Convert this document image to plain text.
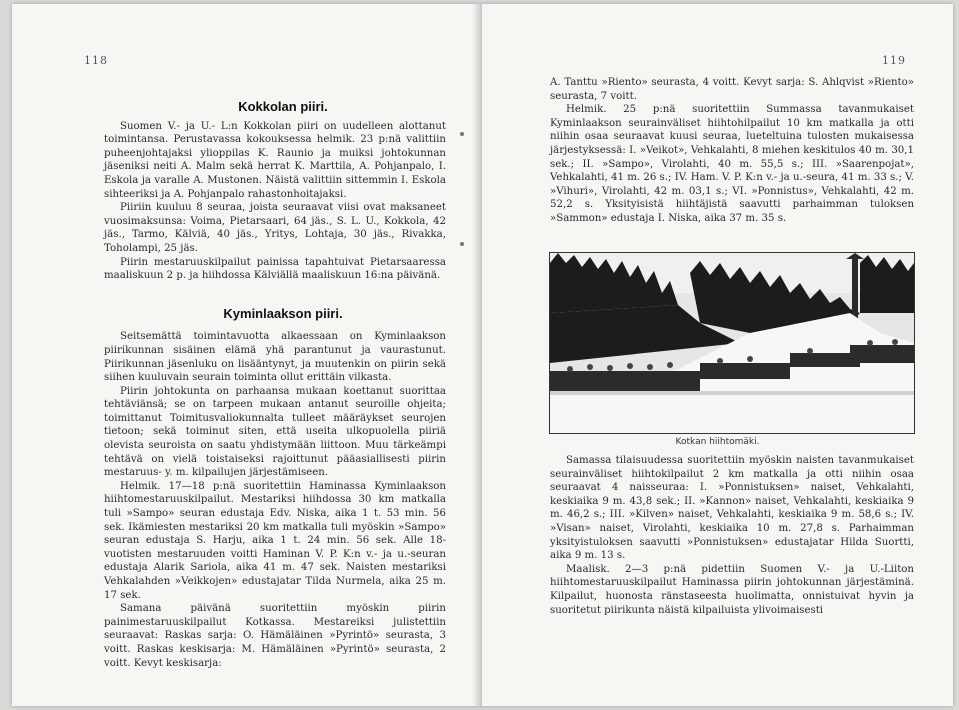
118

Kokkolan piiri.

Suomen V.- ja U.- L:n Kokkolan piiri on uudelleen alottanut toimintansa. Perustavassa kokouksessa helmik. 23 p:nä valittiin puheenjohtajaksi ylioppilas K. Raunio ja muiksi johtokunnan jäseniksi neiti A. Malm sekä herrat K. Marttila, A. Pohjanpalo, I. Eskola ja varalle A. Mustonen. Näistä valittiin sittemmin I. Eskola sihteeriksi ja A. Pohjanpalo rahastonhoitajaksi.

Piiriin kuuluu 8 seuraa, joista seuraavat viisi ovat maksaneet vuosimaksunsa: Voima, Pietarsaari, 64 jäs., S. L. U., Kokkola, 42 jäs., Tarmo, Kälviä, 40 jäs., Yritys, Lohtaja, 30 jäs., Rivakka, Toholampi, 25 jäs.

Piirin mestaruuskilpailut painissa tapahtuivat Pietarsaaressa maaliskuun 2 p. ja hiihdossa Kälviällä maaliskuun 16:na päivänä.

Kyminlaakson piiri.

Seitsemättä toimintavuotta alkaessaan on Kyminlaakson piirikunnan sisäinen elämä yhä parantunut ja vaurastunut. Piirikunnan jäsenluku on lisääntynyt, ja muutenkin on piirin sekä siihen kuuluvain seurain toiminta ollut erittäin vilkasta.

Piirin johtokunta on parhaansa mukaan koettanut suorittaa tehtäviänsä; se on tarpeen mukaan antanut seuroille ohjeita; toimittanut Toimitusvaliokunnalta tulleet määräykset seurojen tietoon; sekä toiminut siten, että useita ulkopuolella piiriä olevista seuroista on saatu yhdistymään liittoon. Muu tärkeämpi tehtävä on vielä toistaiseksi rajoittunut pääasiallisesti piirin mestaruus- y. m. kilpailujen järjestämiseen.

Helmik. 17—18 p:nä suoritettiin Haminassa Kyminlaakson hiihtomestaruuskilpailut. Mestariksi hiihdossa 30 km matkalla tuli »Sampo» seuran edustaja Edv. Niska, aika 1 t. 53 min. 56 sek. Ikämiesten mestariksi 20 km matkalla tuli myöskin »Sampo» seuran edustaja S. Harju, aika 1 t. 24 min. 56 sek. Alle 18-vuotisten mestaruuden voitti Haminan V. P. K:n v.- ja u.-seuran edustaja Alarik Sariola, aika 41 m. 47 sek. Naisten mestariksi Vehkalahden »Veikkojen» edustajatar Tilda Nurmela, aika 25 m. 17 sek.

Samana päivänä suoritettiin myöskin piirin painimestaruuskilpailut Kotkassa. Mestareiksi julistettiin seuraavat: Raskas sarja: O. Hämäläinen »Pyrintö» seurasta, 3 voitt. Raskas keskisarja: M. Hämäläinen »Pyrintö» seurasta, 2 voitt. Kevyt keskisarja:

119

A. Tanttu »Riento» seurasta, 4 voitt. Kevyt sarja: S. Ahlqvist »Riento» seurasta, 7 voitt.

Helmik. 25 p:nä suoritettiin Summassa tavanmukaiset Kyminlaakson seurainväliset hiihtohilpailut 10 km matkalla ja otti niihin osaa seuraavat kuusi seuraa, lueteltuina tulosten mukaisessa järjestyksessä: I. »Veikot», Vehkalahti, 8 miehen keskitulos 40 m. 30,1 sek.; II. »Sampo», Virolahti, 40 m. 55,5 s.; III. »Saarenpojat», Vehkalahti, 41 m. 26 s.; IV. Ham. V. P. K:n v.- ja u.-seura, 41 m. 33 s.; V. »Vihuri», Virolahti, 42 m. 03,1 s.; VI. »Ponnistus», Vehkalahti, 42 m. 52,2 s. Yksityisistä hiihtäjistä saavutti parhaimman tuloksen »Sammon» edustaja I. Niska, aika 37 m. 35 s.

Kotkan hiihtomäki.

Samassa tilaisuudessa suoritettiin myöskin naisten tavanmukaiset seurainväliset hiihtokilpailut 2 km matkalla ja otti niihin osaa seuraavat 4 naisseuraa: I. »Ponnistuksen» naiset, Vehkalahti, keskiaika 9 m. 43,8 sek.; II. »Kannon» naiset, Vehkalahti, keskiaika 9 m. 46,2 s.; III. »Kilven» naiset, Vehkalahti, keskiaika 9 m. 58,6 s.; IV. »Visan» naiset, Virolahti, keskiaika 10 m. 27,8 s. Parhaimman yksityistuloksen saavutti »Ponnistuksen» edustajatar Hilda Suortti, aika 9 m. 13 s.

Maalisk. 2—3 p:nä pidettiin Suomen V.- ja U.-Liiton hiihtomestaruuskilpailut Haminassa piirin johtokunnan järjestäminä. Kilpailut, huonosta ränstaseesta huolimatta, onnistuivat hyvin ja suoritetut piirikunta näistä kilpailuista ylivoimaisesti
